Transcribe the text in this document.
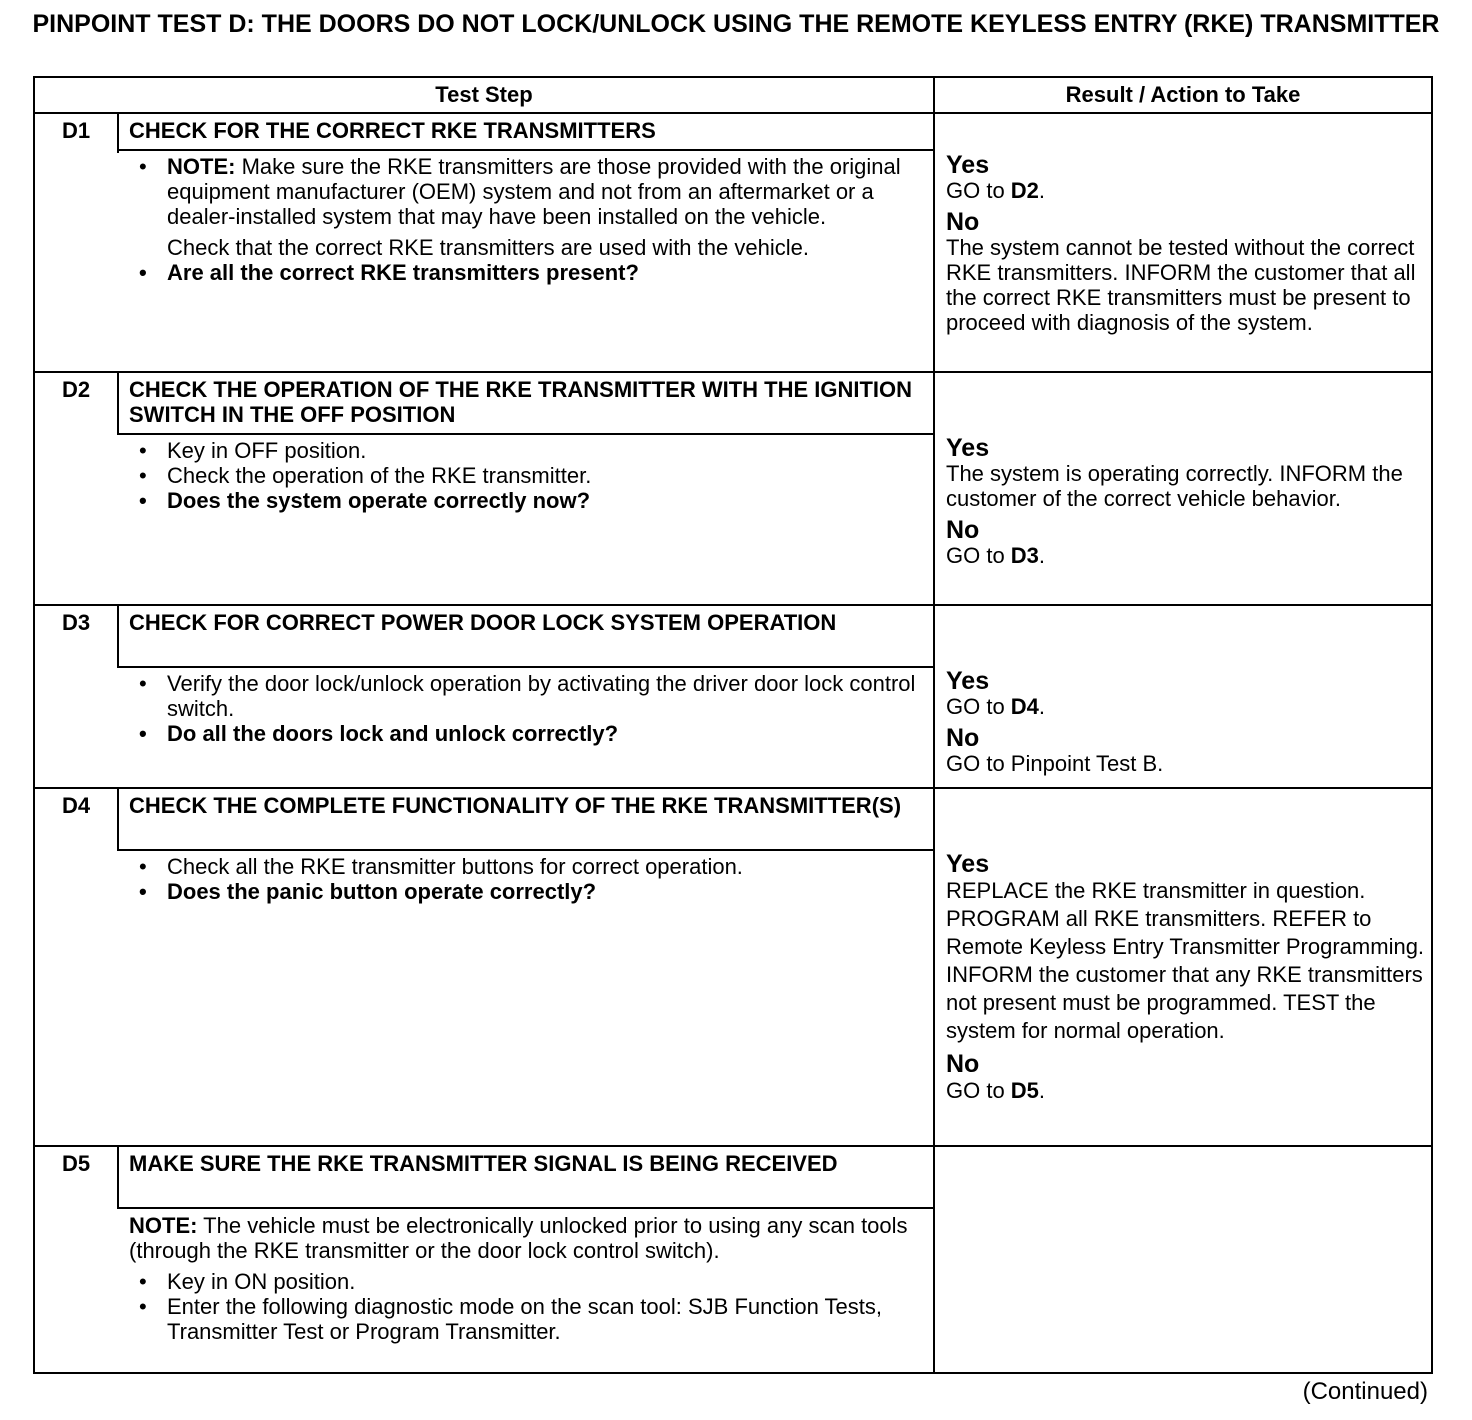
PINPOINT TEST D: THE DOORS DO NOT LOCK/UNLOCK USING THE REMOTE KEYLESS ENTRY (RKE) TRANSMITTER
Test Step	Result / Action to Take
D1	CHECK FOR THE CORRECT RKE TRANSMITTERS
• NOTE: Make sure the RKE transmitters are those provided with the original equipment manufacturer (OEM) system and not from an aftermarket or a dealer-installed system that may have been installed on the vehicle.
Check that the correct RKE transmitters are used with the vehicle.
• Are all the correct RKE transmitters present?
Yes
GO to D2.
No
The system cannot be tested without the correct RKE transmitters. INFORM the customer that all the correct RKE transmitters must be present to proceed with diagnosis of the system.
D2	CHECK THE OPERATION OF THE RKE TRANSMITTER WITH THE IGNITION SWITCH IN THE OFF POSITION
• Key in OFF position.
• Check the operation of the RKE transmitter.
• Does the system operate correctly now?
Yes
The system is operating correctly. INFORM the customer of the correct vehicle behavior.
No
GO to D3.
D3	CHECK FOR CORRECT POWER DOOR LOCK SYSTEM OPERATION
• Verify the door lock/unlock operation by activating the driver door lock control switch.
• Do all the doors lock and unlock correctly?
Yes
GO to D4.
No
GO to Pinpoint Test B.
D4	CHECK THE COMPLETE FUNCTIONALITY OF THE RKE TRANSMITTER(S)
• Check all the RKE transmitter buttons for correct operation.
• Does the panic button operate correctly?
Yes
REPLACE the RKE transmitter in question. PROGRAM all RKE transmitters. REFER to Remote Keyless Entry Transmitter Programming. INFORM the customer that any RKE transmitters not present must be programmed. TEST the system for normal operation.
No
GO to D5.
D5	MAKE SURE THE RKE TRANSMITTER SIGNAL IS BEING RECEIVED
NOTE: The vehicle must be electronically unlocked prior to using any scan tools (through the RKE transmitter or the door lock control switch).
• Key in ON position.
• Enter the following diagnostic mode on the scan tool: SJB Function Tests, Transmitter Test or Program Transmitter.
(Continued)
